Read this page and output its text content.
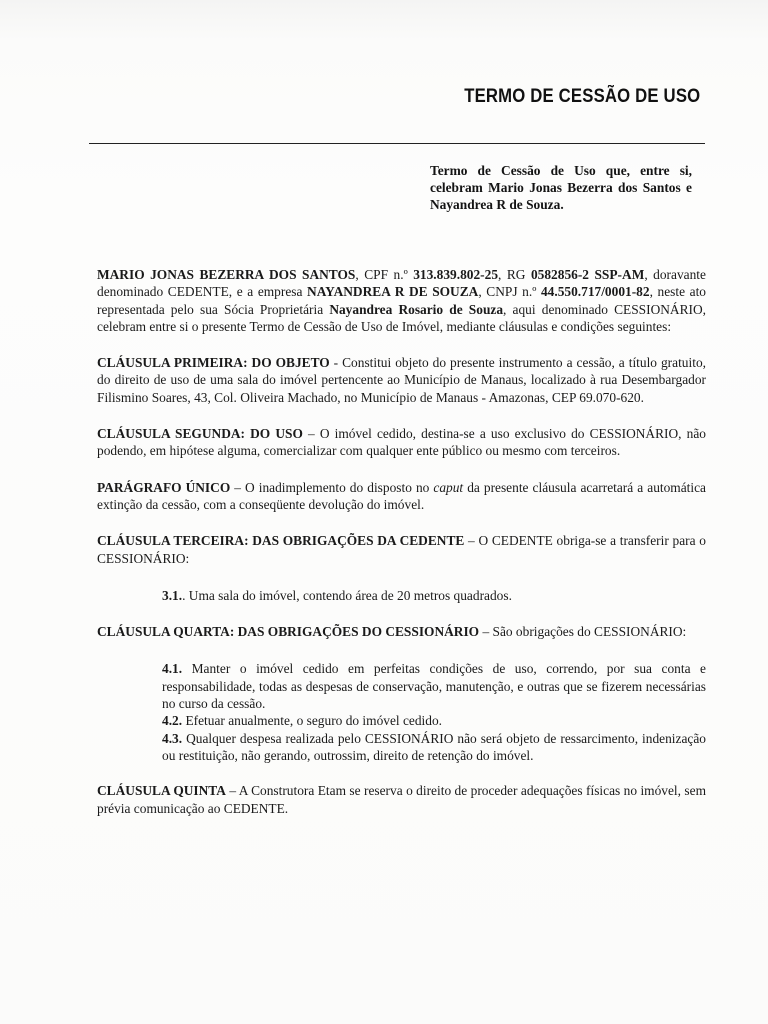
TERMO DE CESSÃO DE USO
Termo de Cessão de Uso que, entre si, celebram Mario Jonas Bezerra dos Santos e Nayandrea R de Souza.

MARIO JONAS BEZERRA DOS SANTOS, CPF n.º 313.839.802-25, RG 0582856-2 SSP-AM, doravante denominado CEDENTE, e a empresa NAYANDREA R DE SOUZA, CNPJ n.º 44.550.717/0001-82, neste ato representada pelo sua Sócia Proprietária Nayandrea Rosario de Souza, aqui denominado CESSIONÁRIO, celebram entre si o presente Termo de Cessão de Uso de Imóvel, mediante cláusulas e condições seguintes:

CLÁUSULA PRIMEIRA: DO OBJETO - Constitui objeto do presente instrumento a cessão, a título gratuito, do direito de uso de uma sala do imóvel pertencente ao Município de Manaus, localizado à rua Desembargador Filismino Soares, 43, Col. Oliveira Machado, no Município de Manaus - Amazonas, CEP 69.070-620.

CLÁUSULA SEGUNDA: DO USO – O imóvel cedido, destina-se a uso exclusivo do CESSIONÁRIO, não podendo, em hipótese alguma, comercializar com qualquer ente público ou mesmo com terceiros.

PARÁGRAFO ÚNICO – O inadimplemento do disposto no caput da presente cláusula acarretará a automática extinção da cessão, com a conseqüente devolução do imóvel.

CLÁUSULA TERCEIRA: DAS OBRIGAÇÕES DA CEDENTE – O CEDENTE obriga-se a transferir para o CESSIONÁRIO:

3.1.. Uma sala do imóvel, contendo área de 20 metros quadrados.

CLÁUSULA QUARTA: DAS OBRIGAÇÕES DO CESSIONÁRIO – São obrigações do CESSIONÁRIO:

4.1. Manter o imóvel cedido em perfeitas condições de uso, correndo, por sua conta e responsabilidade, todas as despesas de conservação, manutenção, e outras que se fizerem necessárias no curso da cessão.

4.2. Efetuar anualmente, o seguro do imóvel cedido.

4.3. Qualquer despesa realizada pelo CESSIONÁRIO não será objeto de ressarcimento, indenização ou restituição, não gerando, outrossim, direito de retenção do imóvel.

CLÁUSULA QUINTA – A Construtora Etam se reserva o direito de proceder adequações físicas no imóvel, sem prévia comunicação ao CEDENTE.
